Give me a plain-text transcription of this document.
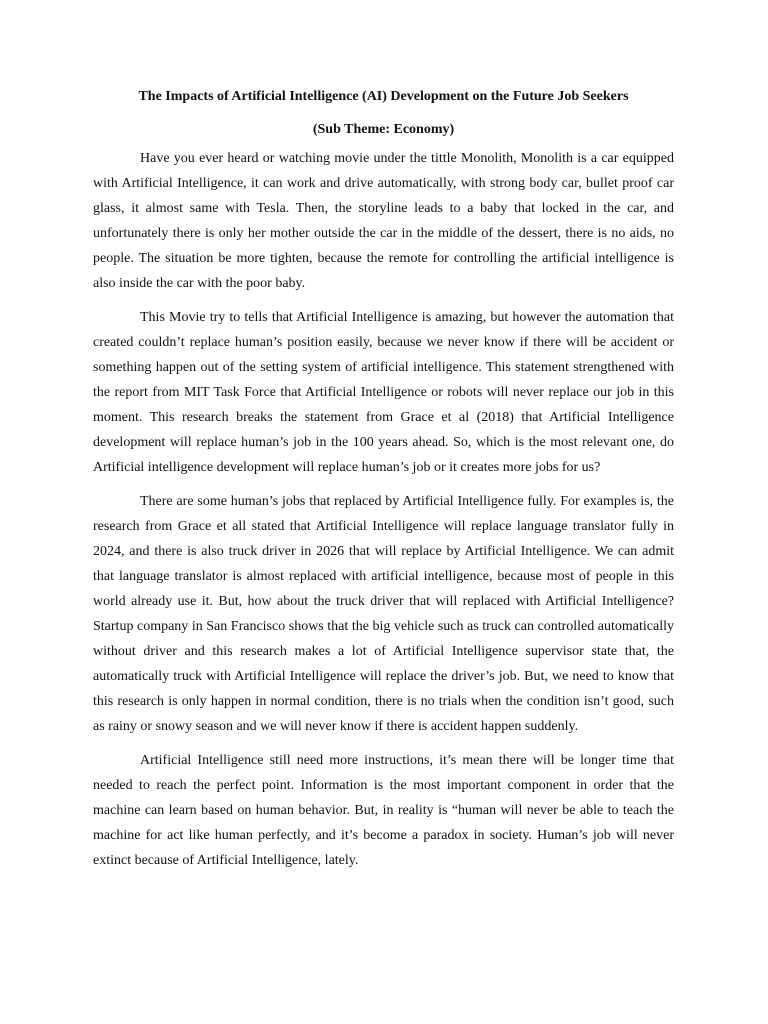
The Impacts of Artificial Intelligence (AI) Development on the Future Job Seekers
(Sub Theme: Economy)

Have you ever heard or watching movie under the tittle Monolith, Monolith is a car equipped with Artificial Intelligence, it can work and drive automatically, with strong body car, bullet proof car glass, it almost same with Tesla. Then, the storyline leads to a baby that locked in the car, and unfortunately there is only her mother outside the car in the middle of the dessert, there is no aids, no people. The situation be more tighten, because the remote for controlling the artificial intelligence is also inside the car with the poor baby.

This Movie try to tells that Artificial Intelligence is amazing, but however the automation that created couldn’t replace human’s position easily, because we never know if there will be accident or something happen out of the setting system of artificial intelligence. This statement strengthened with the report from MIT Task Force that Artificial Intelligence or robots will never replace our job in this moment. This research breaks the statement from Grace et al (2018) that Artificial Intelligence development will replace human’s job in the 100 years ahead. So, which is the most relevant one, do Artificial intelligence development will replace human’s job or it creates more jobs for us?

There are some human’s jobs that replaced by Artificial Intelligence fully. For examples is, the research from Grace et all stated that Artificial Intelligence will replace language translator fully in 2024, and there is also truck driver in 2026 that will replace by Artificial Intelligence. We can admit that language translator is almost replaced with artificial intelligence, because most of people in this world already use it. But, how about the truck driver that will replaced with Artificial Intelligence? Startup company in San Francisco shows that the big vehicle such as truck can controlled automatically without driver and this research makes a lot of Artificial Intelligence supervisor state that, the automatically truck with Artificial Intelligence will replace the driver’s job. But, we need to know that this research is only happen in normal condition, there is no trials when the condition isn’t good, such as rainy or snowy season and we will never know if there is accident happen suddenly.

Artificial Intelligence still need more instructions, it’s mean there will be longer time that needed to reach the perfect point. Information is the most important component in order that the machine can learn based on human behavior. But, in reality is “human will never be able to teach the machine for act like human perfectly, and it’s become a paradox in society. Human’s job will never extinct because of Artificial Intelligence, lately.
